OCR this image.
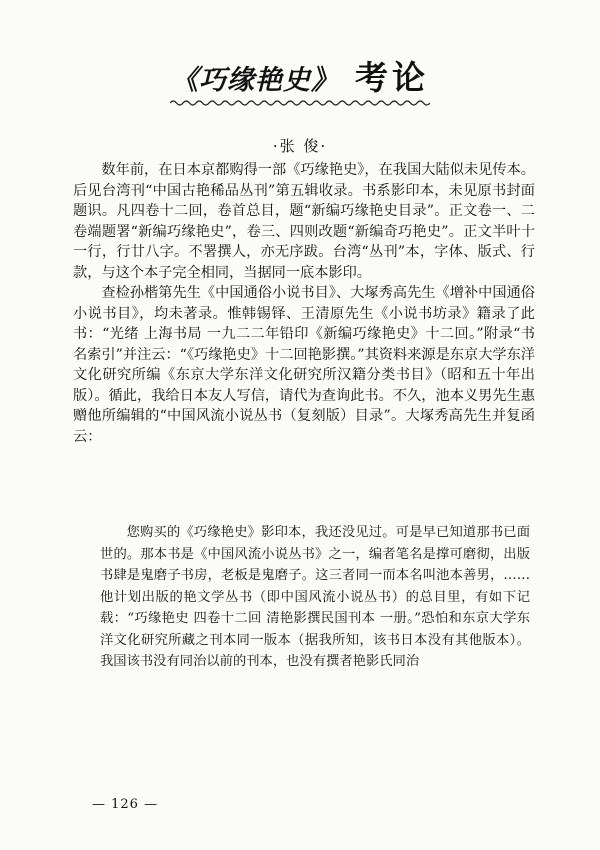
《巧缘艳史》 考论
·张 俊·

数年前，在日本京都购得一部《巧缘艳史》，在我国大陆似未见传本。后见台湾刊“中国古艳稀品丛刊”第五辑收录。书系影印本，未见原书封面题识。凡四卷十二回，卷首总目，题“新编巧缘艳史目录”。正文卷一、二卷端题署“新编巧缘艳史”，卷三、四则改题“新编奇巧艳史”。正文半叶十一行，行廿八字。不署撰人，亦无序跋。台湾“丛刊”本，字体、版式、行款，与这个本子完全相同，当据同一底本影印。

查检孙楷第先生《中国通俗小说书目》、大塚秀高先生《增补中国通俗小说书目》，均未著录。惟韩锡铎、王清原先生《小说书坊录》籍录了此书：“光绪 上海书局 一九二二年铅印《新编巧缘艳史》十二回。”附录“书名索引”并注云：“《巧缘艳史》十二回艳影撰。”其资料来源是东京大学东洋文化研究所编《东京大学东洋文化研究所汉籍分类书目》（昭和五十年出版）。循此，我给日本友人写信，请代为查询此书。不久，池本义男先生惠赠他所编辑的“中国风流小说丛书（复刻版）目录”。大塚秀高先生并复函云：

您购买的《巧缘艳史》影印本，我还没见过。可是早已知道那书已面世的。那本书是《中国风流小说丛书》之一，编者笔名是撑可磨彻，出版书肆是鬼磨子书房，老板是鬼磨子。这三者同一而本名叫池本善男，……他计划出版的艳文学丛书（即中国风流小说丛书）的总目里，有如下记载：“巧缘艳史 四卷十二回 清艳影撰民国刊本 一册。”恐怕和东京大学东洋文化研究所藏之刊本同一版本（据我所知，该书日本没有其他版本）。我国该书没有同治以前的刊本，也没有撰者艳影氏同治

— 126 —
